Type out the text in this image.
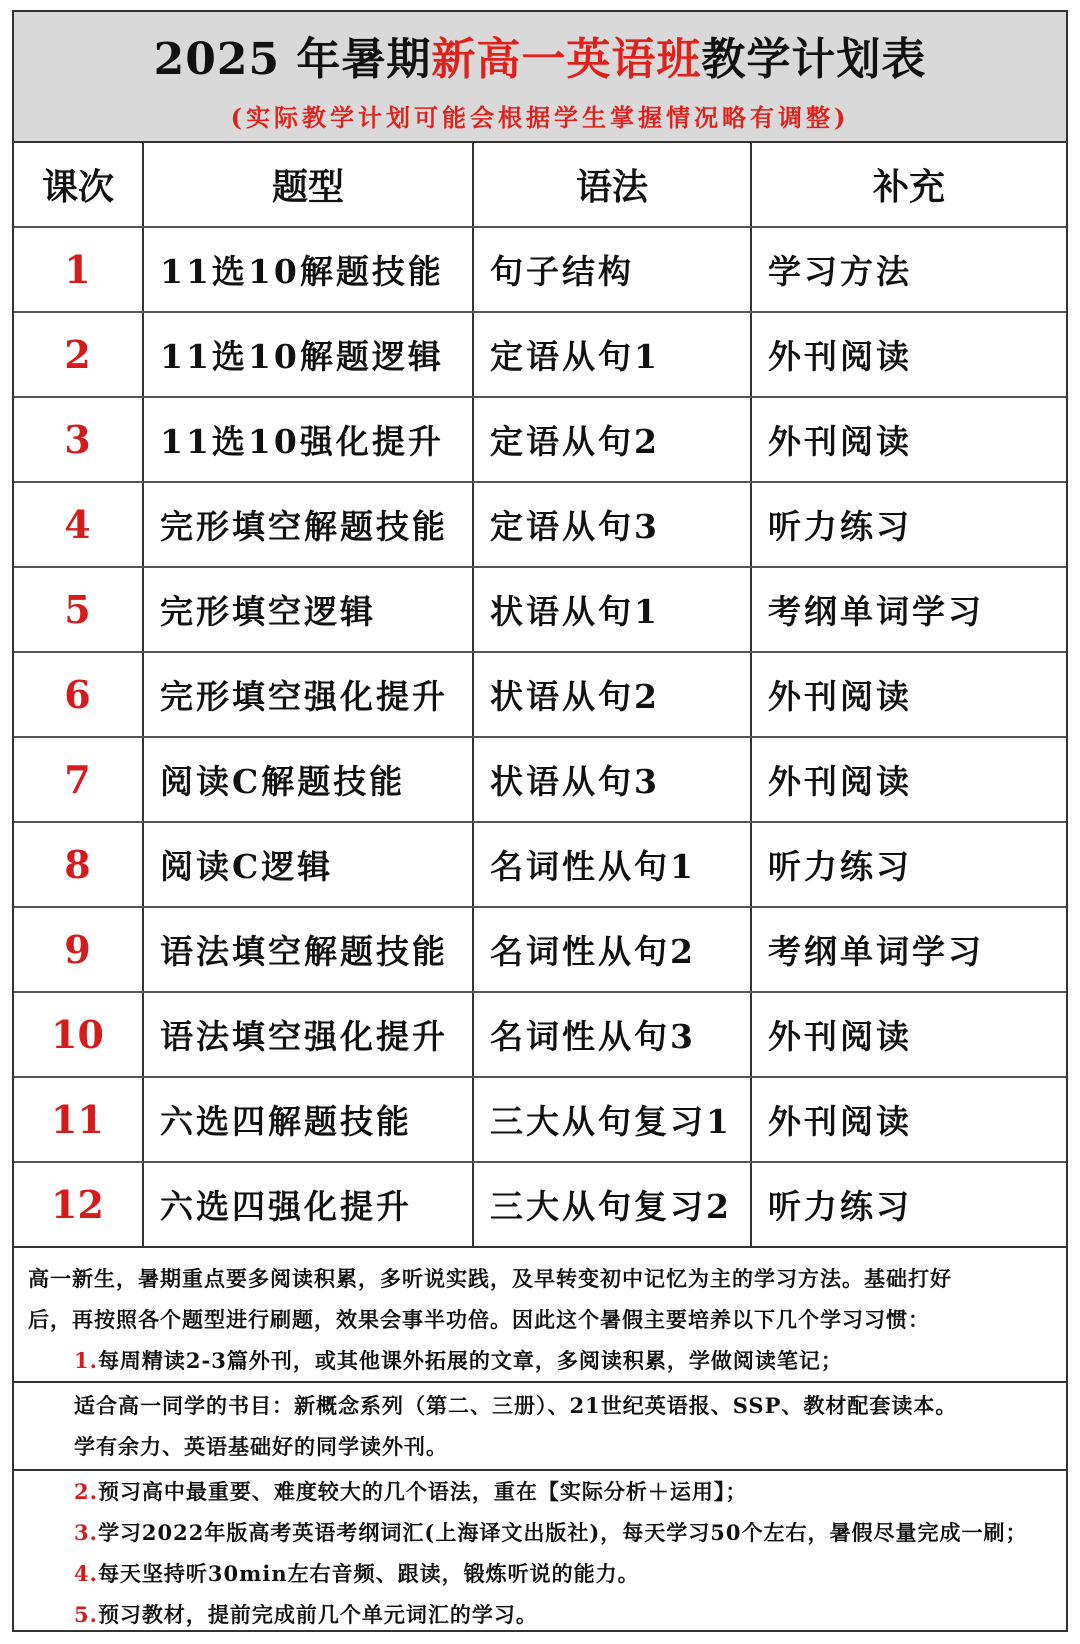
2025 年暑期新高一英语班教学计划表
(实际教学计划可能会根据学生掌握情况略有调整)
课次	题型	语法	补充
1	11选10解题技能	句子结构	学习方法
2	11选10解题逻辑	定语从句1	外刊阅读
3	11选10强化提升	定语从句2	外刊阅读
4	完形填空解题技能	定语从句3	听力练习
5	完形填空逻辑	状语从句1	考纲单词学习
6	完形填空强化提升	状语从句2	外刊阅读
7	阅读C解题技能	状语从句3	外刊阅读
8	阅读C逻辑	名词性从句1	听力练习
9	语法填空解题技能	名词性从句2	考纲单词学习
10	语法填空强化提升	名词性从句3	外刊阅读
11	六选四解题技能	三大从句复习1	外刊阅读
12	六选四强化提升	三大从句复习2	听力练习

高一新生，暑期重点要多阅读积累，多听说实践，及早转变初中记忆为主的学习方法。基础打好

后，再按照各个题型进行刷题，效果会事半功倍。因此这个暑假主要培养以下几个学习习惯：

1.每周精读2-3篇外刊，或其他课外拓展的文章，多阅读积累，学做阅读笔记；

适合高一同学的书目：新概念系列（第二、三册）、21世纪英语报、SSP、教材配套读本。

学有余力、英语基础好的同学读外刊。

2.预习高中最重要、难度较大的几个语法，重在【实际分析＋运用】；

3.学习2022年版高考英语考纲词汇(上海译文出版社)，每天学习50个左右，暑假尽量完成一刷；

4.每天坚持听30min左右音频、跟读，锻炼听说的能力。

5.预习教材，提前完成前几个单元词汇的学习。
